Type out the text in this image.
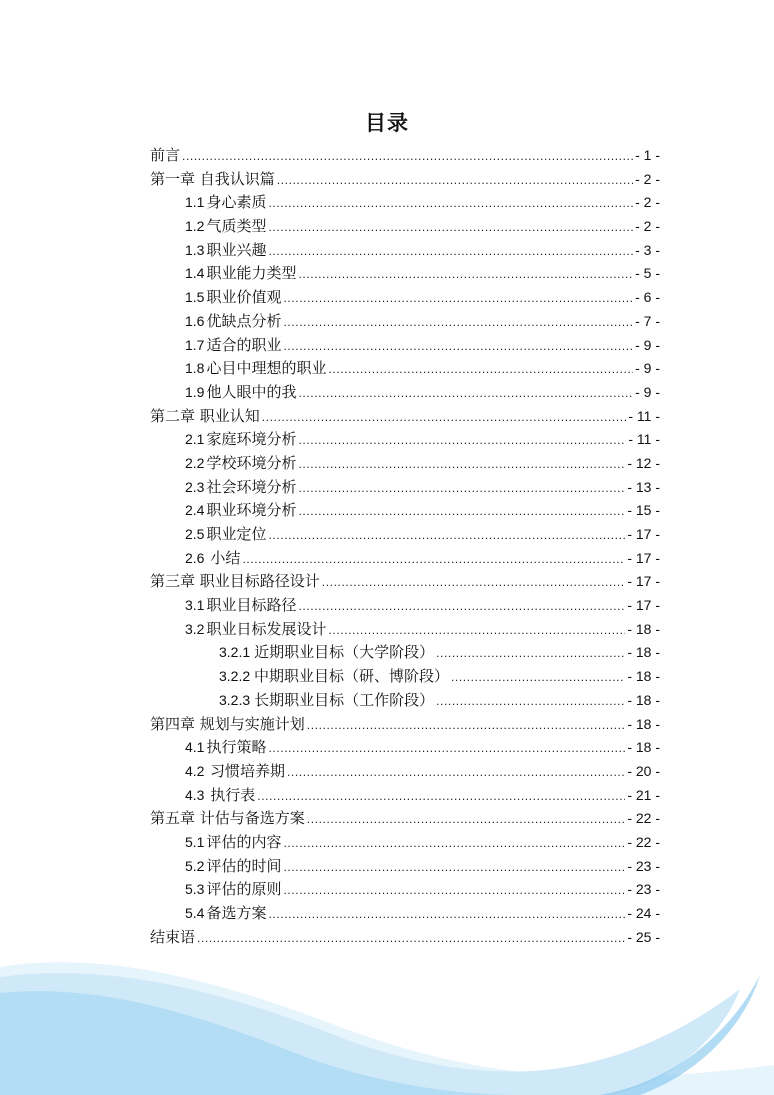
目录
前言 .....	- 1 -
第一章 自我认识篇 .....	- 2 -
1.1 身心素质 .....	- 2 -
1.2 气质类型 .....	- 2 -
1.3 职业兴趣 .....	- 3 -
1.4 职业能力类型 .....	- 5 -
1.5 职业价值观 .....	- 6 -
1.6 优缺点分析 .....	- 7 -
1.7 适合的职业 .....	- 9 -
1.8 心目中理想的职业 .....	- 9 -
1.9 他人眼中的我 .....	- 9 -
第二章 职业认知 .....	- 11 -
2.1 家庭环境分析 .....	- 11 -
2.2 学校环境分析 .....	- 12 -
2.3 社会环境分析 .....	- 13 -
2.4 职业环境分析 .....	- 15 -
2.5 职业定位 .....	- 17 -
2.6 小结 .....	- 17 -
第三章 职业目标路径设计 .....	- 17 -
3.1 职业目标路径 .....	- 17 -
3.2 职业日标发展设计 .....	- 18 -
3.2.1 近期职业目标（大学阶段） .....	- 18 -
3.2.2 中期职业目标（研、博阶段） .....	- 18 -
3.2.3 长期职业目标（工作阶段） .....	- 18 -
第四章 规划与实施计划 .....	- 18 -
4.1 执行策略 .....	- 18 -
4.2 习惯培养期 .....	- 20 -
4.3 执行表 .....	- 21 -
第五章 计估与备选方案 .....	- 22 -
5.1 评估的内容 .....	- 22 -
5.2 评估的时间 .....	- 23 -
5.3 评估的原则 .....	- 23 -
5.4 备选方案 .....	- 24 -
结束语 .....	- 25 -
